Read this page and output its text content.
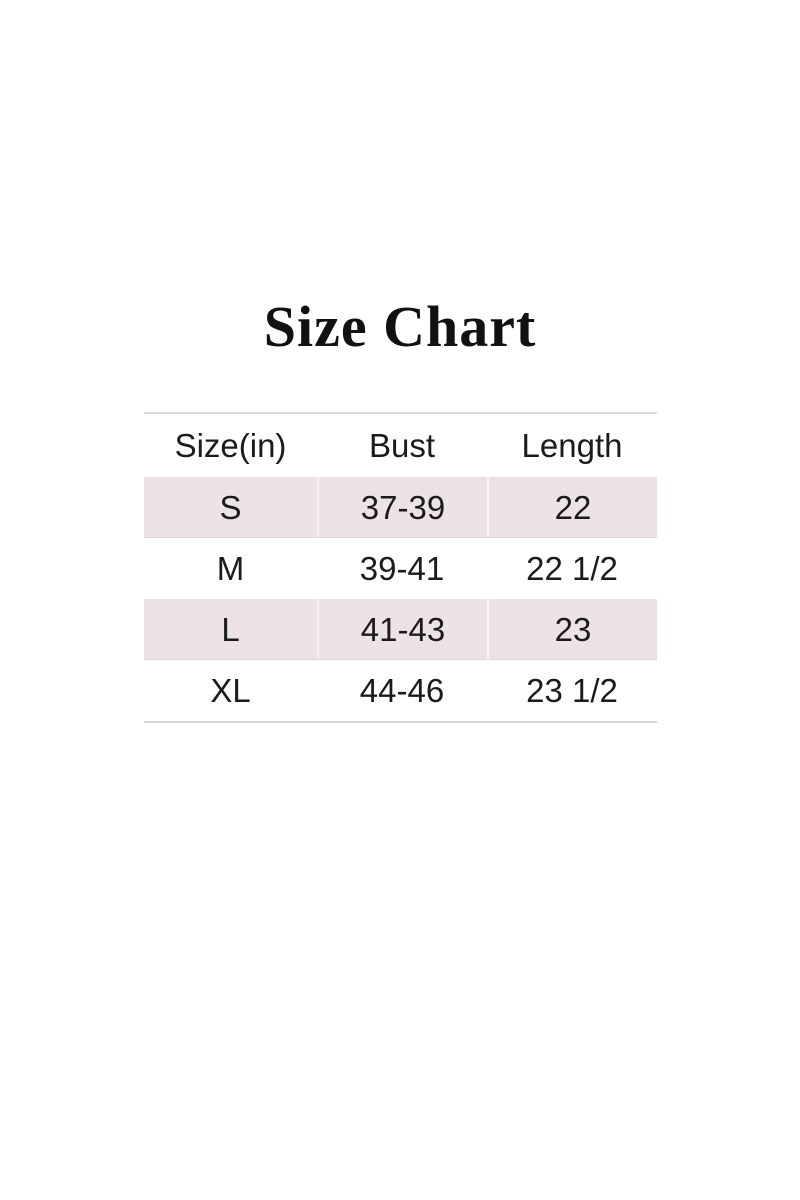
Size Chart
Size(in)	Bust	Length
S	37-39	22
M	39-41	22 1/2
L	41-43	23
XL	44-46	23 1/2
